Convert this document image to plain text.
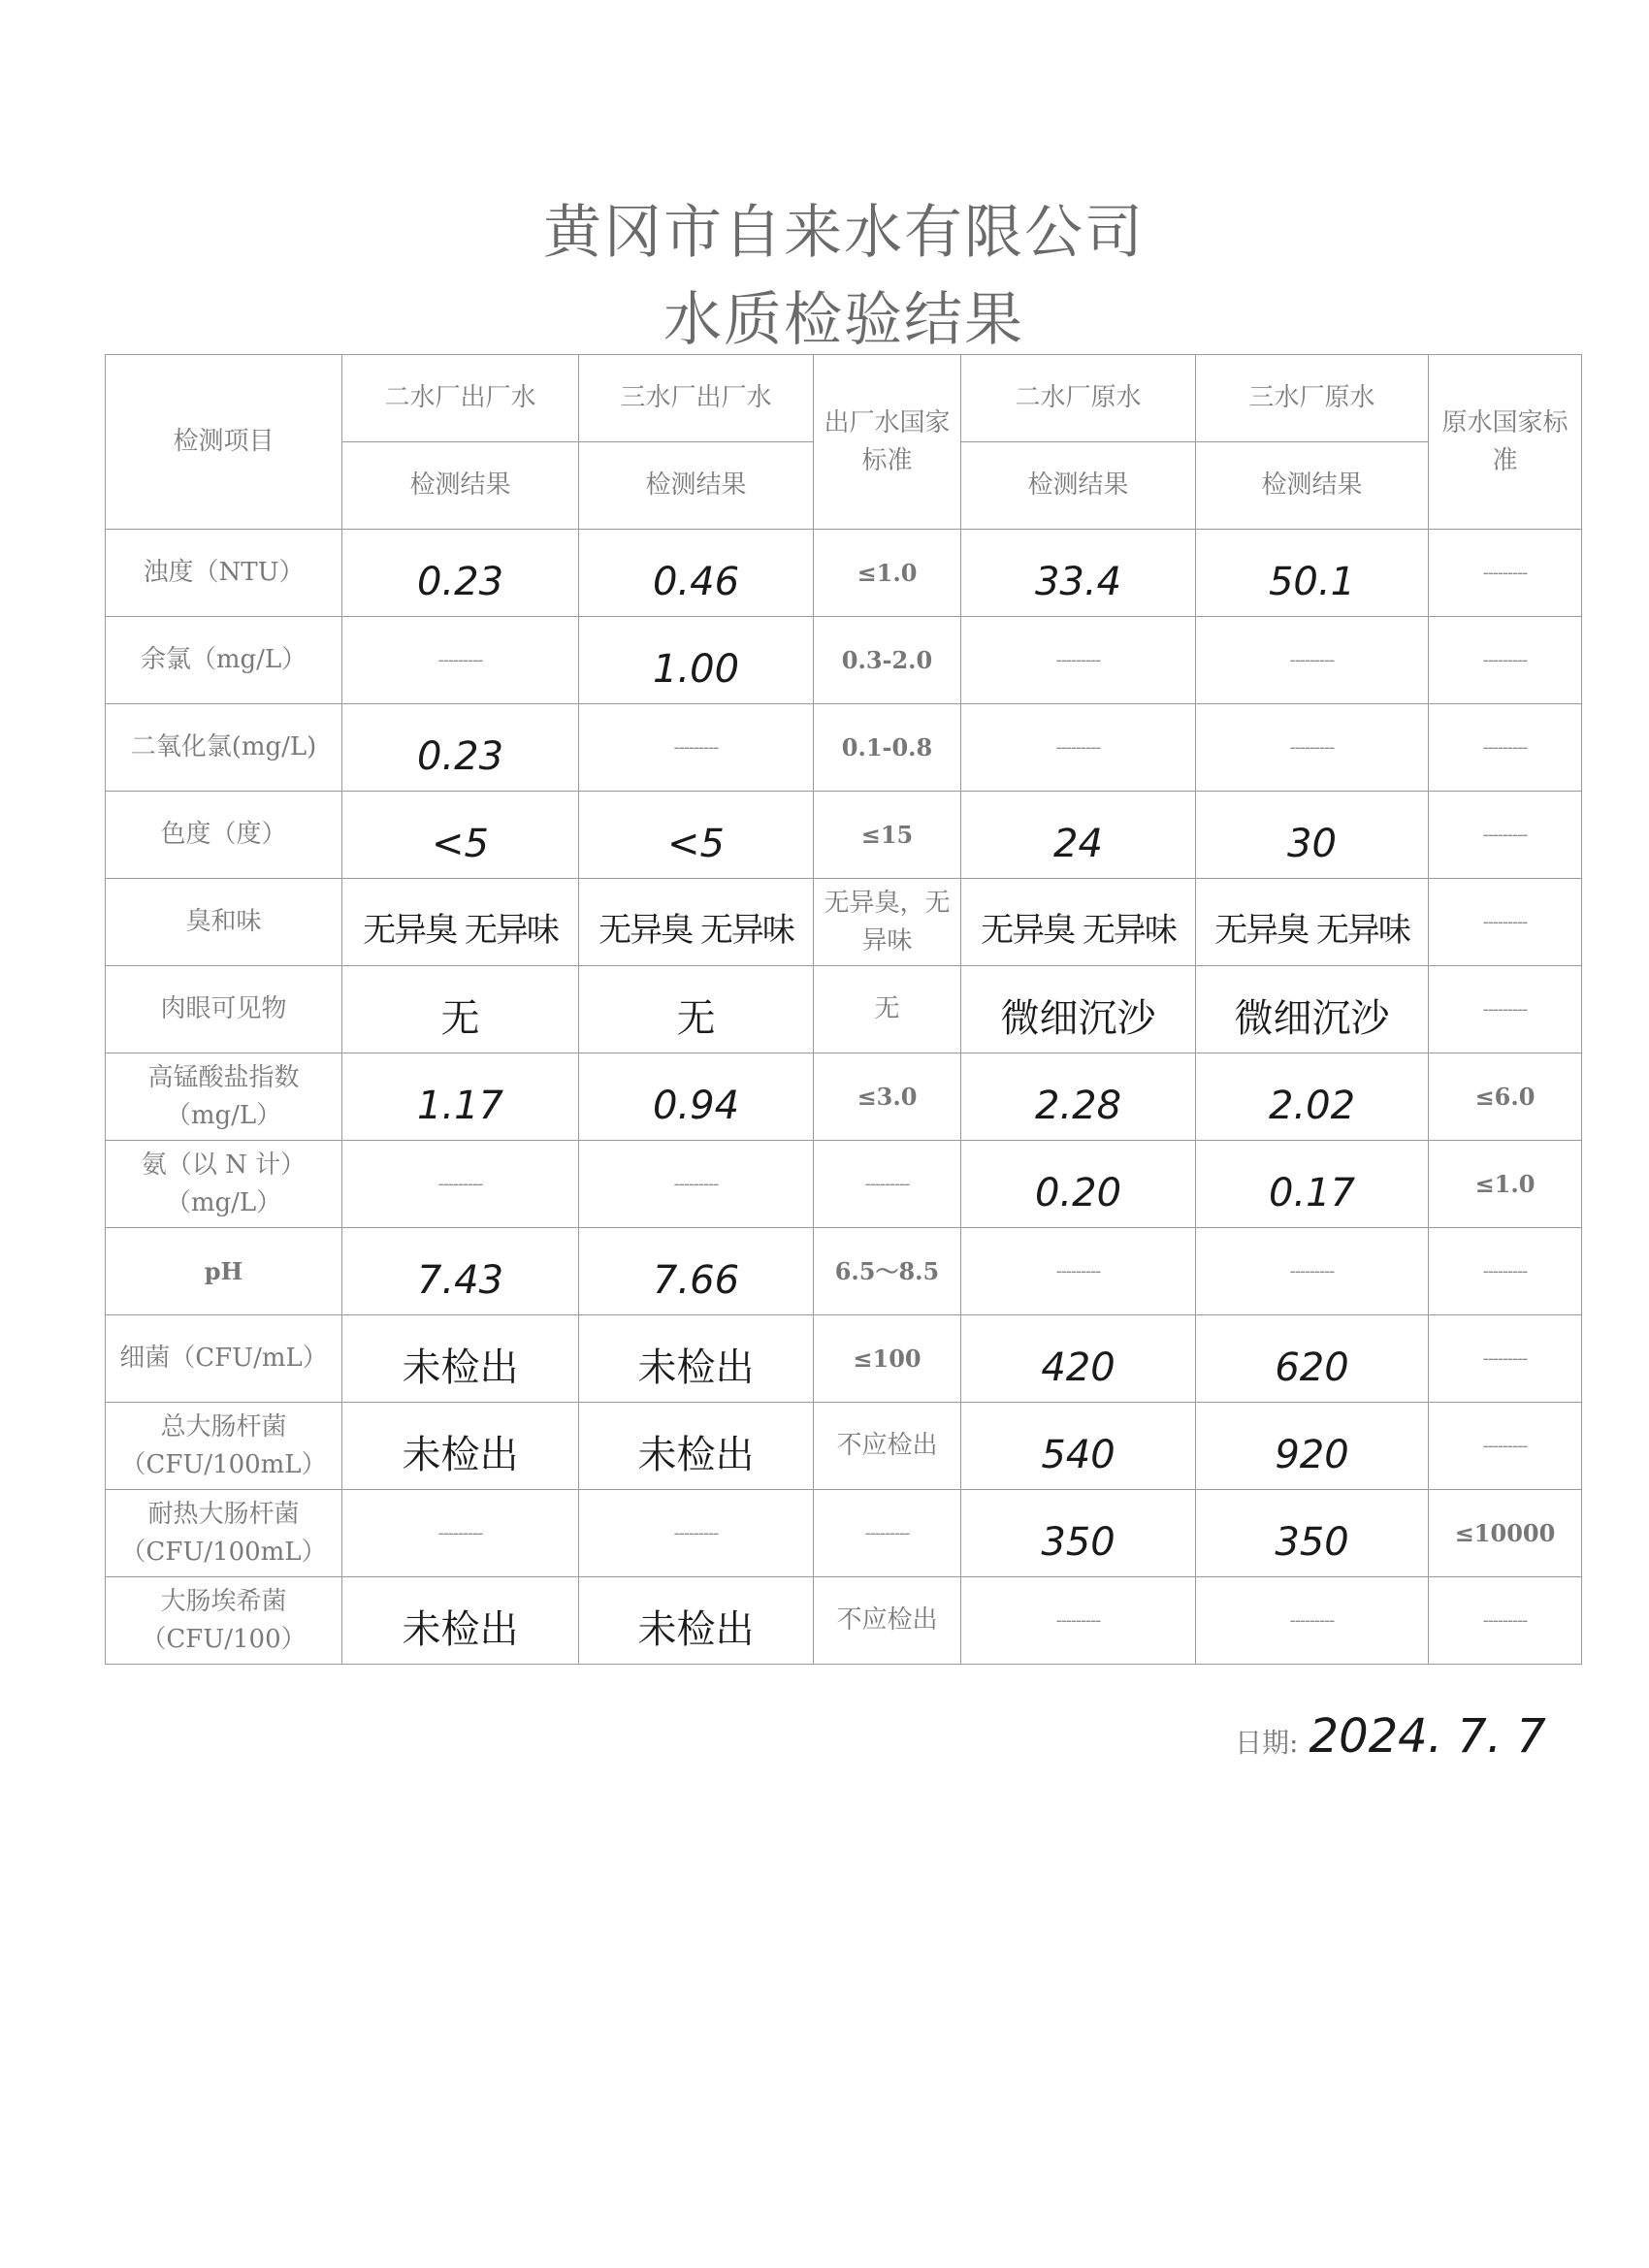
黄冈市自来水有限公司
水质检验结果
检测项目	二水厂出厂水	三水厂出厂水	出厂水国家标准	二水厂原水	三水厂原水	原水国家标准
	检测结果	检测结果		检测结果	检测结果	
浊度（NTU）	0.23	0.46	≤1.0	33.4	50.1	---------
余氯（mg/L）	---------	1.00	0.3-2.0	---------	---------	---------
二氧化氯(mg/L)	0.23	---------	0.1-0.8	---------	---------	---------
色度（度）	<5	<5	≤15	24	30	---------
臭和味	无异臭 无异味	无异臭 无异味	无异臭，无异味	无异臭 无异味	无异臭 无异味	---------
肉眼可见物	无	无	无	微细沉沙	微细沉沙	---------
高锰酸盐指数（mg/L）	1.17	0.94	≤3.0	2.28	2.02	≤6.0
氨（以 N 计）（mg/L）	---------	---------	---------	0.20	0.17	≤1.0
pH	7.43	7.66	6.5～8.5	---------	---------	---------
细菌（CFU/mL）	未检出	未检出	≤100	420	620	---------
总大肠杆菌（CFU/100mL）	未检出	未检出	不应检出	540	920	---------
耐热大肠杆菌（CFU/100mL）	---------	---------	---------	350	350	≤10000
大肠埃希菌（CFU/100）	未检出	未检出	不应检出	---------	---------	---------
日期: 2024. 7. 7
